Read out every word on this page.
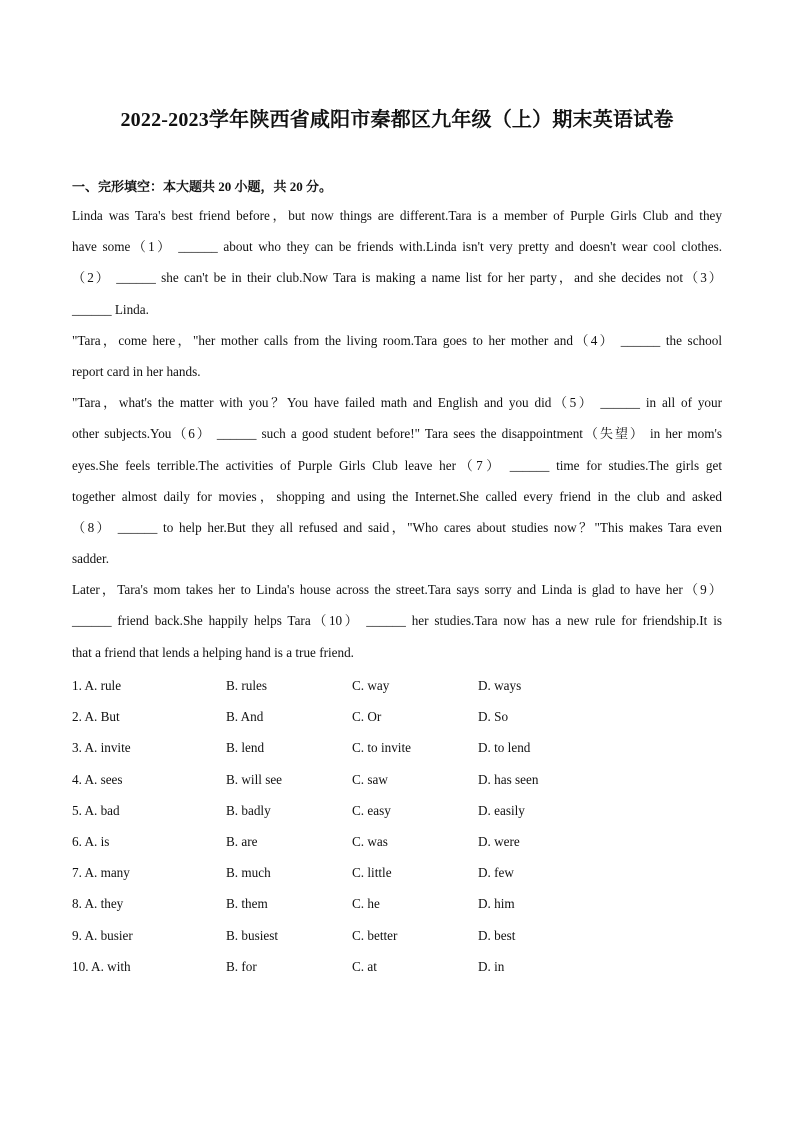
2022-2023学年陕西省咸阳市秦都区九年级（上）期末英语试卷
一、完形填空：本大题共 20 小题，共 20 分。
Linda was Tara's best friend before，but now things are different.Tara is a member of Purple Girls Club and they
have some（1） ______ about who they can be friends with.Linda isn't very pretty and doesn't wear cool clothes.
（2） ______ she can't be in their club.Now Tara is making a name list for her party，and she decides not（3）
______ Linda.
"Tara，come here，"her mother calls from the living room.Tara goes to her mother and（4） ______ the school
report card in her hands.
"Tara，what's the matter with you？You have failed math and English and you did（5） ______ in all of your
other subjects.You（6） ______ such a good student before!" Tara sees the disappointment（失望） in her mom's
eyes.She feels terrible.The activities of Purple Girls Club leave her（7） ______ time for studies.The girls get
together almost daily for movies，shopping and using the Internet.She called every friend in the club and asked
（8） ______ to help her.But they all refused and said，"Who cares about studies now？"This makes Tara even
sadder.
Later，Tara's mom takes her to Linda's house across the street.Tara says sorry and Linda is glad to have her（9）
______ friend back.She happily helps Tara（10） ______ her studies.Tara now has a new rule for friendship.It is
that a friend that lends a helping hand is a true friend.
1. A. rule	B. rules	C. way	D. ways
2. A. But	B. And	C. Or	D. So
3. A. invite	B. lend	C. to invite	D. to lend
4. A. sees	B. will see	C. saw	D. has seen
5. A. bad	B. badly	C. easy	D. easily
6. A. is	B. are	C. was	D. were
7. A. many	B. much	C. little	D. few
8. A. they	B. them	C. he	D. him
9. A. busier	B. busiest	C. better	D. best
10. A. with	B. for	C. at	D. in
